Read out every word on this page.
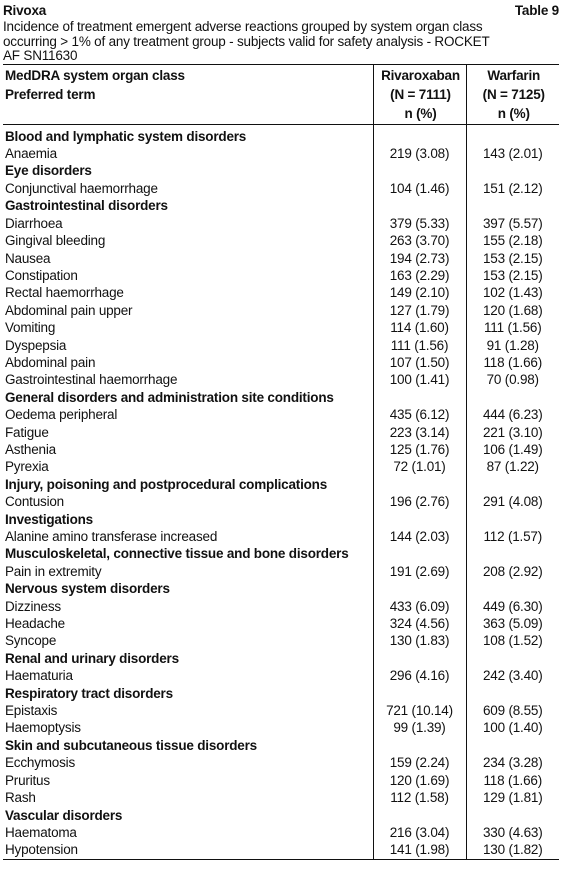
Rivoxa	Table 9
Incidence of treatment emergent adverse reactions grouped by system organ class
occurring > 1% of any treatment group - subjects valid for safety analysis - ROCKET
AF SN11630
MedDRA system organ class	Rivaroxaban	Warfarin
Preferred term	(N = 7111)	(N = 7125)
	n (%)	n (%)
Blood and lymphatic system disorders		
Anaemia	219 (3.08)	143 (2.01)
Eye disorders		
Conjunctival haemorrhage	104 (1.46)	151 (2.12)
Gastrointestinal disorders		
Diarrhoea	379 (5.33)	397 (5.57)
Gingival bleeding	263 (3.70)	155 (2.18)
Nausea	194 (2.73)	153 (2.15)
Constipation	163 (2.29)	153 (2.15)
Rectal haemorrhage	149 (2.10)	102 (1.43)
Abdominal pain upper	127 (1.79)	120 (1.68)
Vomiting	114 (1.60)	111 (1.56)
Dyspepsia	111 (1.56)	91 (1.28)
Abdominal pain	107 (1.50)	118 (1.66)
Gastrointestinal haemorrhage	100 (1.41)	70 (0.98)
General disorders and administration site conditions		
Oedema peripheral	435 (6.12)	444 (6.23)
Fatigue	223 (3.14)	221 (3.10)
Asthenia	125 (1.76)	106 (1.49)
Pyrexia	72 (1.01)	87 (1.22)
Injury, poisoning and postprocedural complications		
Contusion	196 (2.76)	291 (4.08)
Investigations		
Alanine amino transferase increased	144 (2.03)	112 (1.57)
Musculoskeletal, connective tissue and bone disorders		
Pain in extremity	191 (2.69)	208 (2.92)
Nervous system disorders		
Dizziness	433 (6.09)	449 (6.30)
Headache	324 (4.56)	363 (5.09)
Syncope	130 (1.83)	108 (1.52)
Renal and urinary disorders		
Haematuria	296 (4.16)	242 (3.40)
Respiratory tract disorders		
Epistaxis	721 (10.14)	609 (8.55)
Haemoptysis	99 (1.39)	100 (1.40)
Skin and subcutaneous tissue disorders		
Ecchymosis	159 (2.24)	234 (3.28)
Pruritus	120 (1.69)	118 (1.66)
Rash	112 (1.58)	129 (1.81)
Vascular disorders		
Haematoma	216 (3.04)	330 (4.63)
Hypotension	141 (1.98)	130 (1.82)
